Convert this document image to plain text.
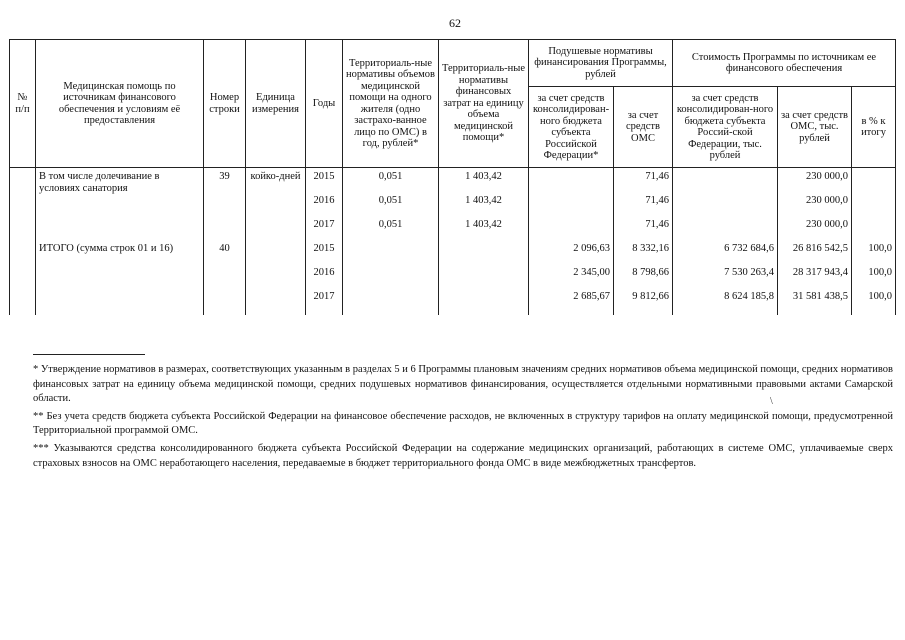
62
№ п/п	Медицинская помощь по источникам финансового обеспечения и условиям её предоставления	Номер строки	Единица измерения	Годы	Территориаль-ные нормативы объемов медицинской помощи на одного жителя (одно застрахо-ванное лицо по ОМС) в год, рублей*	Территориаль-ные нормативы финансовых затрат на единицу объема медицинской помощи*	Подушевые нормативы финансирования Программы, рублей		Стоимость Программы по источникам ее финансового обеспечения		
							за счет средств консолидирован-ного бюджета субъекта Российской Федерации*	за счет средств ОМС	за счет средств консолидирован-ного бюджета субъекта Россий-ской Федерации, тыс. рублей	за счет средств ОМС, тыс. рублей	в % к итогу
	В том числе долечивание в условиях санатория	39	койко-дней	2015	0,051	1 403,42		71,46		230 000,0	
				2016	0,051	1 403,42		71,46		230 000,0	
				2017	0,051	1 403,42		71,46		230 000,0	
	ИТОГО (сумма строк 01 и 16)	40		2015			2 096,63	8 332,16	6 732 684,6	26 816 542,5	100,0
				2016			2 345,00	8 798,66	7 530 263,4	28 317 943,4	100,0
				2017			2 685,67	9 812,66	8 624 185,8	31 581 438,5	100,0
\

* Утверждение нормативов в размерах, соответствующих указанным в разделах 5 и 6 Программы плановым значениям средних нормативов объема медицинской помощи, средних нормативов финансовых затрат на единицу объема медицинской помощи, средних подушевых нормативов финансирования, осуществляется отдельными нормативными правовыми актами Самарской области.

** Без учета средств бюджета субъекта Российской Федерации на финансовое обеспечение расходов, не включенных в структуру тарифов на оплату медицинской помощи, предусмотренной Территориальной программой ОМС.

*** Указываются средства консолидированного бюджета субъекта Российской Федерации на содержание медицинских организаций, работающих в системе ОМС, уплачиваемые сверх страховых взносов на ОМС неработающего населения, передаваемые в бюджет территориального фонда ОМС в виде межбюджетных трансфертов.
